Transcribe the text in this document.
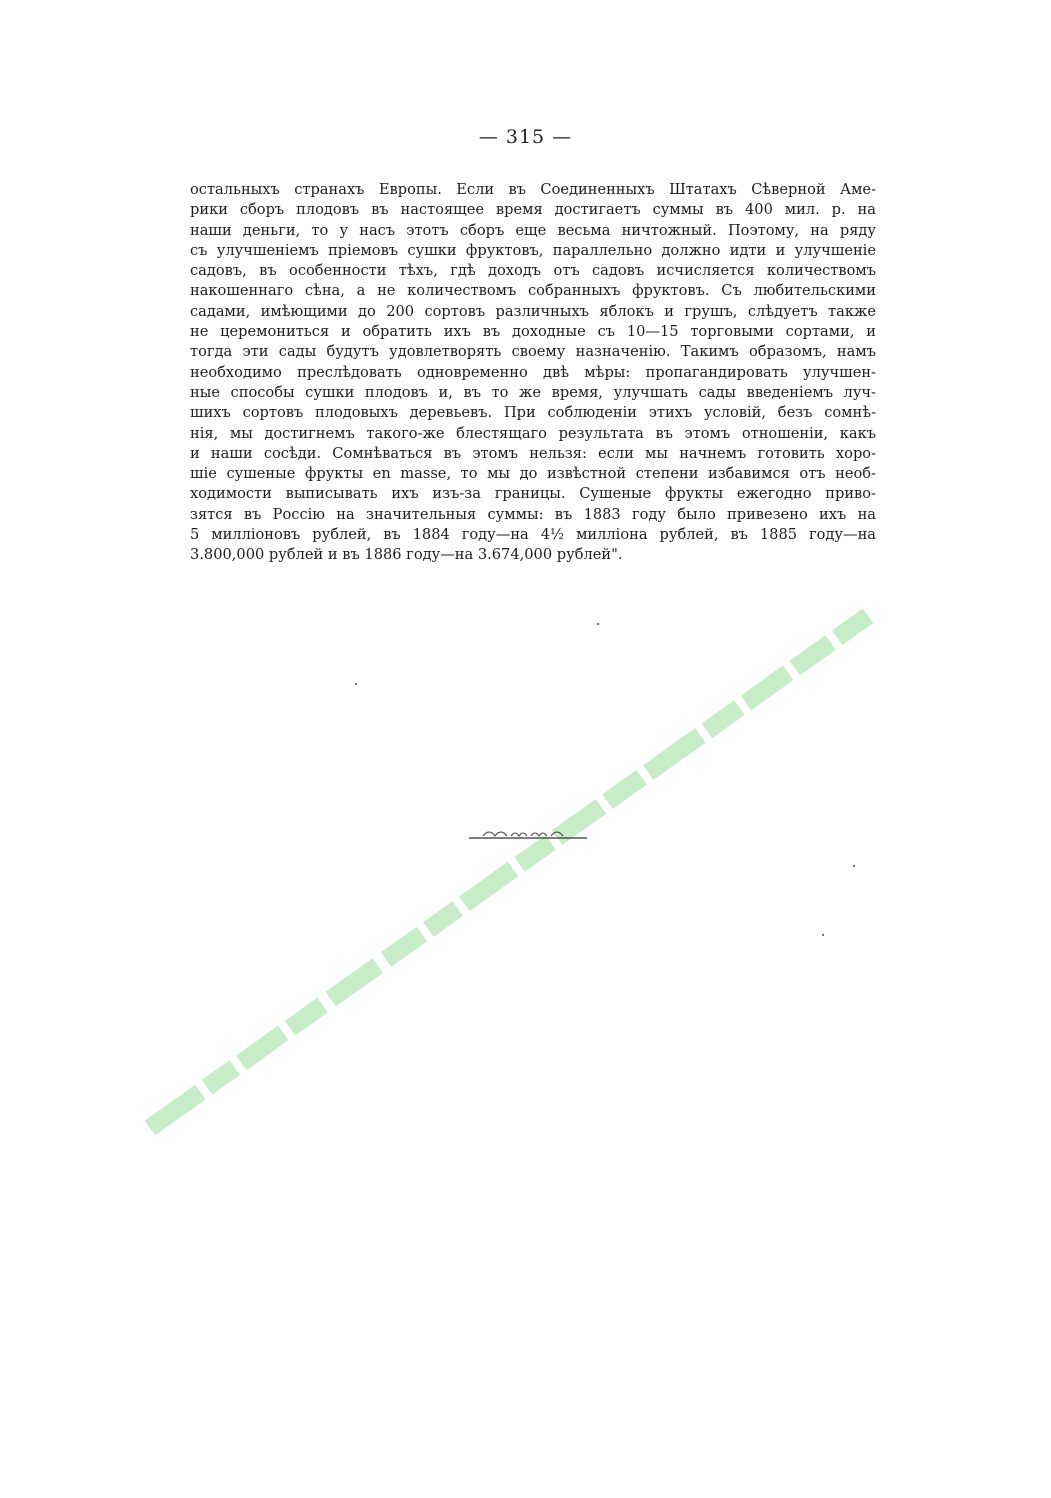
— 315 —
остальныхъ странахъ Европы. Если въ Соединенныхъ Штатахъ Сѣверной Аме-
рики сборъ плодовъ въ настоящее время достигаетъ суммы въ 400 мил. р. на
наши деньги, то у насъ этотъ сборъ еще весьма ничтожный. Поэтому, на ряду
съ улучшеніемъ пріемовъ сушки фруктовъ, параллельно должно идти и улучшеніе
садовъ, въ особенности тѣхъ, гдѣ доходъ отъ садовъ исчисляется количествомъ
накошеннаго сѣна, а не количествомъ собранныхъ фруктовъ. Съ любительскими
садами, имѣющими до 200 сортовъ различныхъ яблокъ и грушъ, слѣдуетъ также
не церемониться и обратить ихъ въ доходные съ 10—15 торговыми сортами, и
тогда эти сады будутъ удовлетворять своему назначенію. Такимъ образомъ, намъ
необходимо преслѣдовать одновременно двѣ мѣры: пропагандировать улучшен-
ные способы сушки плодовъ и, въ то же время, улучшать сады введеніемъ луч-
шихъ сортовъ плодовыхъ деревьевъ. При соблюденіи этихъ условій, безъ сомнѣ-
нія, мы достигнемъ такого-же блестящаго результата въ этомъ отношеніи, какъ
и наши сосѣди. Сомнѣваться въ этомъ нельзя: если мы начнемъ готовить хоро-
шіе сушеные фрукты en masse, то мы до извѣстной степени избавимся отъ необ-
ходимости выписывать ихъ изъ-за границы. Сушеные фрукты ежегодно приво-
зятся въ Россію на значительныя суммы: въ 1883 году было привезено ихъ на
5 милліоновъ рублей, въ 1884 году—на 4½ милліона рублей, въ 1885 году—на
3.800,000 рублей и въ 1886 году—на 3.674,000 рублей".
